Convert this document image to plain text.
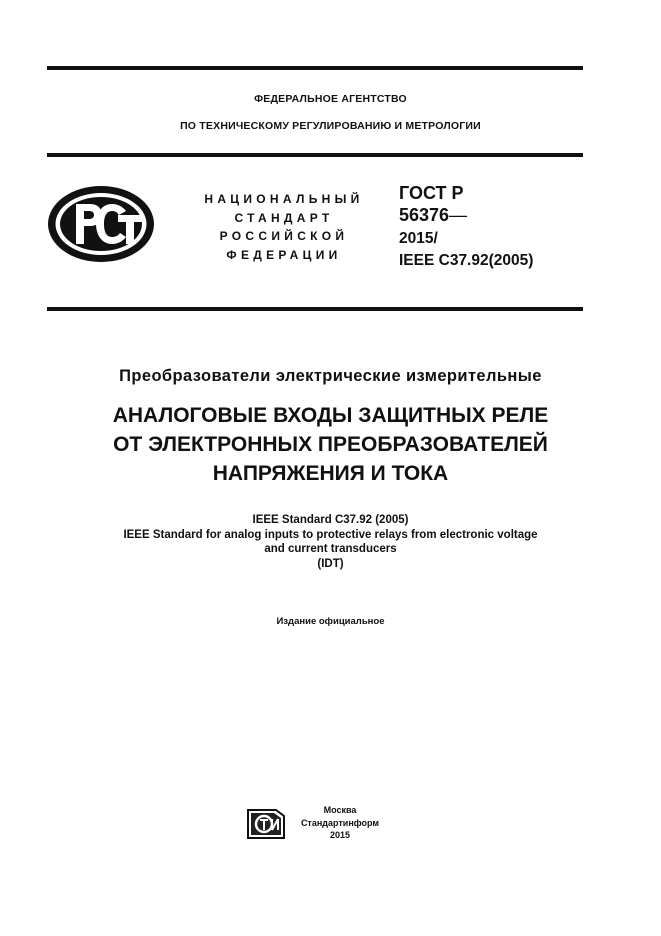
ФЕДЕРАЛЬНОЕ АГЕНТСТВО
ПО ТЕХНИЧЕСКОМУ РЕГУЛИРОВАНИЮ И МЕТРОЛОГИИ
НАЦИОНАЛЬНЫЙ
СТАНДАРТ
РОССИЙСКОЙ
ФЕДЕРАЦИИ
ГОСТ Р
56376—
2015/
IEEE C37.92(2005)
Преобразователи электрические измерительные
АНАЛОГОВЫЕ ВХОДЫ ЗАЩИТНЫХ РЕЛЕ
ОТ ЭЛЕКТРОННЫХ ПРЕОБРАЗОВАТЕЛЕЙ
НАПРЯЖЕНИЯ И ТОКА
IEEE Standard C37.92 (2005)
IEEE Standard for analog inputs to protective relays from electronic voltage
and current transducers
(IDT)
Издание официальное
Москва
Стандартинформ
2015
